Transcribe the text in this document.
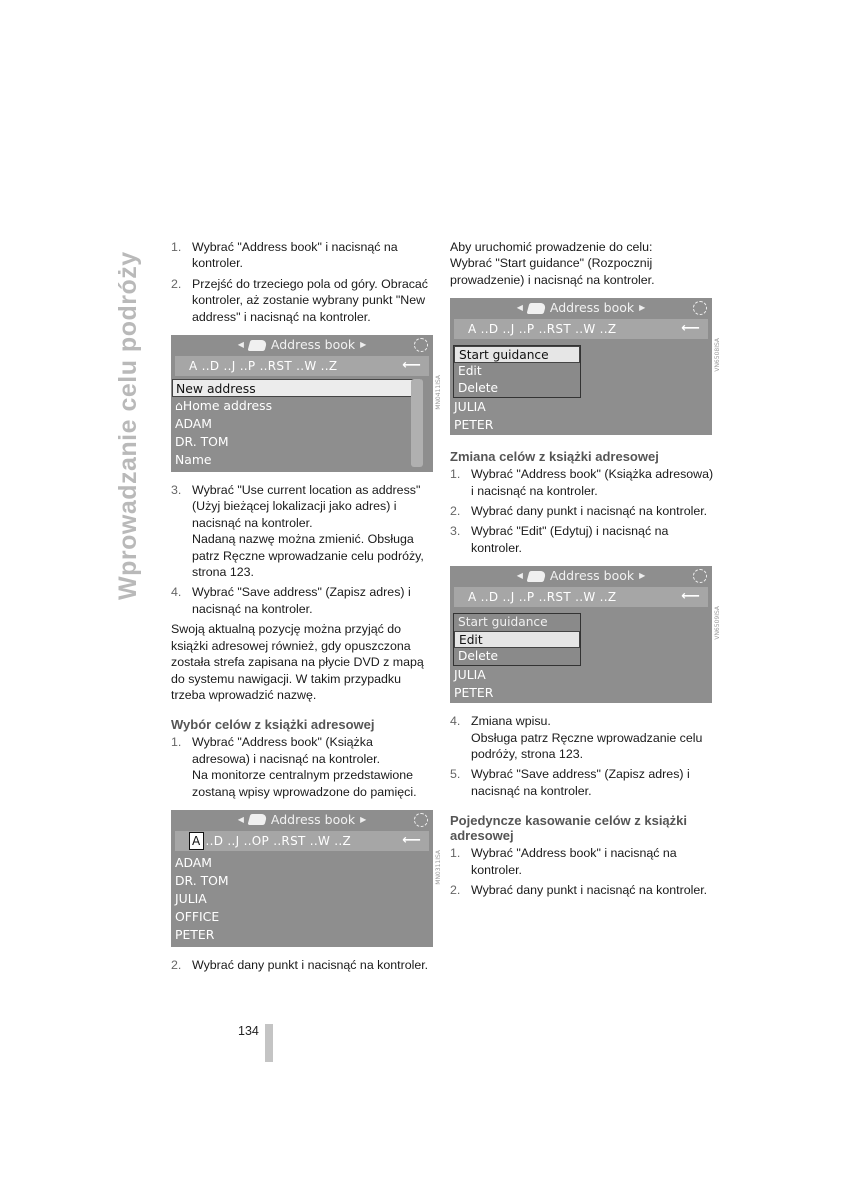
Wprowadzanie celu podróży
1. Wybrać "Address book" i nacisnąć na kontroler.
2. Przejść do trzeciego pola od góry. Obracać kontroler, aż zostanie wybrany punkt "New address" i nacisnąć na kontroler.
◀ Address book ▶
A ..D ..J ..P ..RST ..W ..Z	⟵
New address
⌂Home address
ADAM
DR. TOM
Name
MN0411ISA
3. Wybrać "Use current location as address" (Użyj bieżącej lokalizacji jako adres) i nacisnąć na kontroler.
Nadaną nazwę można zmienić. Obsługa patrz Ręczne wprowadzanie celu podróży, strona 123.
4. Wybrać "Save address" (Zapisz adres) i nacisnąć na kontroler.

Swoją aktualną pozycję można przyjąć do książki adresowej również, gdy opuszczona została strefa zapisana na płycie DVD z mapą do systemu nawigacji. W takim przypadku trzeba wprowadzić nazwę.

Wybór celów z książki adresowej
1. Wybrać "Address book" (Książka adresowa) i nacisnąć na kontroler.
Na monitorze centralnym przedstawione zostaną wpisy wprowadzone do pamięci.
◀ Address book ▶
A ..D ..J ..OP ..RST ..W ..Z	⟵
ADAM
DR. TOM
JULIA
OFFICE
PETER
MN0311ISA
2. Wybrać dany punkt i nacisnąć na kontroler.

Aby uruchomić prowadzenie do celu:
Wybrać "Start guidance" (Rozpocznij prowadzenie) i nacisnąć na kontroler.

◀ Address book ▶
A ..D ..J ..P ..RST ..W ..Z	⟵
Start guidance
Edit
Delete
JULIA
PETER
VN6508ISA
Zmiana celów z książki adresowej
1. Wybrać "Address book" (Książka adresowa) i nacisnąć na kontroler.
2. Wybrać dany punkt i nacisnąć na kontroler.
3. Wybrać "Edit" (Edytuj) i nacisnąć na kontroler.
◀ Address book ▶
A ..D ..J ..P ..RST ..W ..Z	⟵
Start guidance
Edit
Delete
JULIA
PETER
VN6509ISA
4. Zmiana wpisu.
Obsługa patrz Ręczne wprowadzanie celu podróży, strona 123.
5. Wybrać "Save address" (Zapisz adres) i nacisnąć na kontroler.
Pojedyncze kasowanie celów z książki adresowej
1. Wybrać "Address book" i nacisnąć na kontroler.
2. Wybrać dany punkt i nacisnąć na kontroler.
134
